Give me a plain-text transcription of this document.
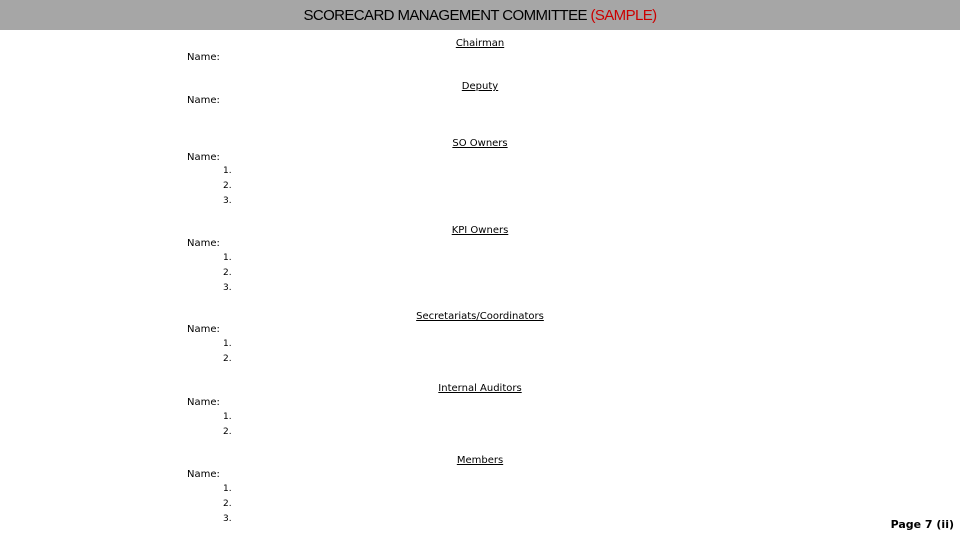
SCORECARD MANAGEMENT COMMITTEE (SAMPLE)
Chairman
Name:
Deputy
Name:
SO Owners
Name:
1.
2.
3.
KPI Owners
Name:
1.
2.
3.
Secretariats/Coordinators
Name:
1.
2.
Internal Auditors
Name:
1.
2.
Members
Name:
1.
2.
3.	Page 7 (ii)
